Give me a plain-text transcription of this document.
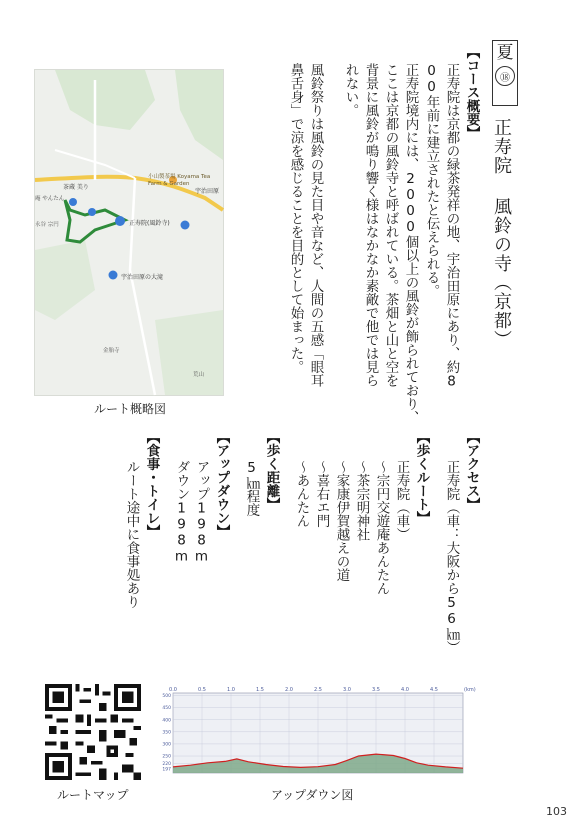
夏
⑱
正寿院 風鈴の寺（京都）
【コース概要】
正寿院は京都の緑茶発祥の地、宇治田原にあり、約8
00年前に建立されたと伝えられる。
正寿院境内には、2000個以上の風鈴が飾られており、
ここは京都の風鈴寺と呼ばれている。茶畑と山と空を
背景に風鈴が鳴り響く様はなかなか素敵で他では見ら
れない。
風鈴祭りは風鈴の見た目や音など、人間の五感「眼耳
鼻舌身」で涼を感じることを目的として始まった。
【アクセス】
正寿院（車：大阪から56㎞）
【歩くルート】
正寿院（車）
～宗円交遊庵あんたん
～茶宗明神社
～家康伊賀越えの道
～喜右エ門
～あんたん
【歩く距離】
5㎞程度
【アップダウン】
アップ198m
ダウン198m
【食事・トイレ】
ルート途中に食事処あり
小山製茶場 Koyama Tea Farm & Garden
茶蔵 美り
庵 やんたん
正寿院(風鈴寺)
宇治田原の大滝
宇治田原
金胎寺
永谷 宗円
荒山
ルート概略図
ルートマップ
0.0	0.5	1.0	1.5	2.0	2.5	3.0	3.5	4.0	4.5
197
220
250
300
350
400
450
500
(km)
アップダウン図
103
